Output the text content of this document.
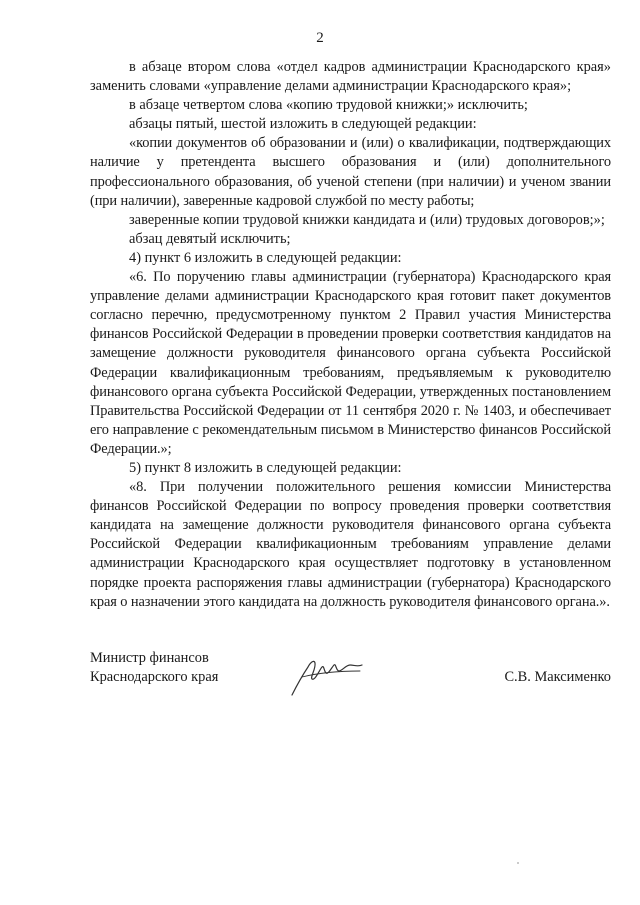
2

в абзаце втором слова «отдел кадров администрации Краснодарского края» заменить словами «управление делами администрации Краснодарского края»;

в абзаце четвертом слова «копию трудовой книжки;» исключить;

абзацы пятый, шестой изложить в следующей редакции:

«копии документов об образовании и (или) о квалификации, подтверждающих наличие у претендента высшего образования и (или) дополнительного профессионального образования, об ученой степени (при наличии) и ученом звании (при наличии), заверенные кадровой службой по месту работы;

заверенные копии трудовой книжки кандидата и (или) трудовых договоров;»;

абзац девятый исключить;

4) пункт 6 изложить в следующей редакции:

«6. По поручению главы администрации (губернатора) Краснодарского края управление делами администрации Краснодарского края готовит пакет документов согласно перечню, предусмотренному пунктом 2 Правил участия Министерства финансов Российской Федерации в проведении проверки соответствия кандидатов на замещение должности руководителя финансового органа субъекта Российской Федерации квалификационным требованиям, предъявляемым к руководителю финансового органа субъекта Российской Федерации, утвержденных постановлением Правительства Российской Федерации от 11 сентября 2020 г. № 1403, и обеспечивает его направление с рекомендательным письмом в Министерство финансов Российской Федерации.»;

5) пункт 8 изложить в следующей редакции:

«8. При получении положительного решения комиссии Министерства финансов Российской Федерации по вопросу проведения проверки соответствия кандидата на замещение должности руководителя финансового органа субъекта Российской Федерации квалификационным требованиям управление делами администрации Краснодарского края осуществляет подготовку в установленном порядке проекта распоряжения главы администрации (губернатора) Краснодарского края о назначении этого кандидата на должность руководителя финансового органа.».

Министр финансов
Краснодарского края	С.В. Максименко
